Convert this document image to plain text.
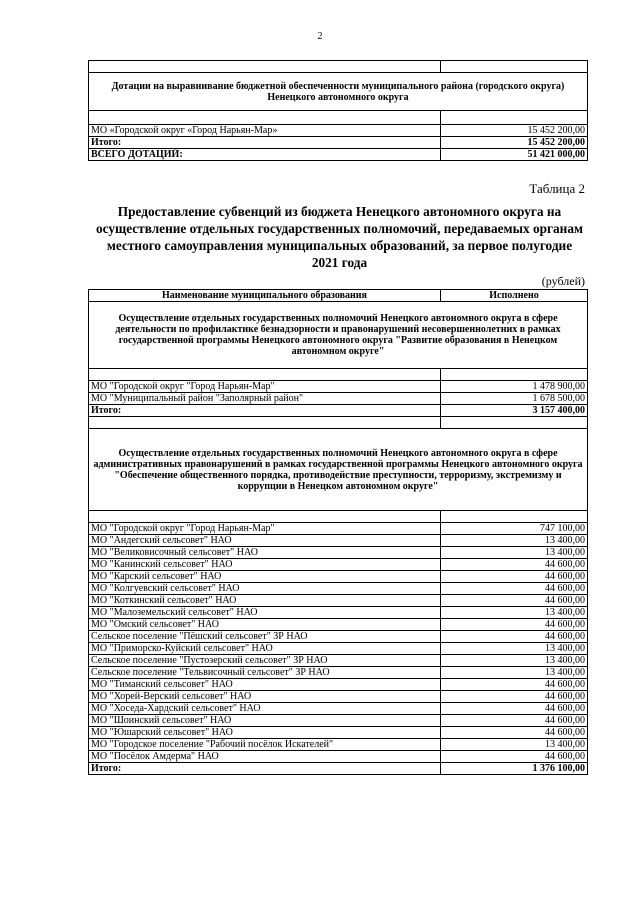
2

Дотации на выравнивание бюджетной обеспеченности муниципального района (городского округа) Ненецкого автономного округа	

МО «Городской округ «Город Нарьян-Мар»	15 452 200,00
Итого:	15 452 200,00
ВСЕГО ДОТАЦИЙ:	51 421 000,00
Таблица 2
Предоставление субвенций из бюджета Ненецкого автономного округа на осуществление отдельных государственных полномочий, передаваемых органам местного самоуправления муниципальных образований, за первое полугодие 2021 года
(рублей)
Наименование муниципального образования	Исполнено
Осуществление отдельных государственных полномочий Ненецкого автономного округа в сфере деятельности по профилактике безнадзорности и правонарушений несовершеннолетних в рамках государственной программы Ненецкого автономного округа "Развитие образования в Ненецком автономном округе"	

МО "Городской округ "Город Нарьян-Мар"	1 478 900,00
МО "Муниципальный район "Заполярный район"	1 678 500,00
Итого:	3 157 400,00

Осуществление отдельных государственных полномочий Ненецкого автономного округа в сфере административных правонарушений в рамках государственной программы Ненецкого автономного округа "Обеспечение общественного порядка, противодействие преступности, терроризму, экстремизму и коррупции в Ненецком автономном округе"	

МО "Городской округ "Город Нарьян-Мар"	747 100,00
МО "Андегский сельсовет" НАО	13 400,00
МО "Великовисочный сельсовет" НАО	13 400,00
МО "Канинский сельсовет" НАО	44 600,00
МО "Карский сельсовет" НАО	44 600,00
МО "Колгуевский сельсовет" НАО	44 600,00
МО "Коткинский сельсовет" НАО	44 600,00
МО "Малоземельский сельсовет" НАО	13 400,00
МО "Омский сельсовет" НАО	44 600,00
Сельское поселение "Пёшский сельсовет" ЗР НАО	44 600,00
МО "Приморско-Куйский сельсовет" НАО	13 400,00
Сельское поселение "Пустозерский сельсовет" ЗР НАО	13 400,00
Сельское поселение "Тельвисочный сельсовет" ЗР НАО	13 400,00
МО "Тиманский сельсовет" НАО	44 600,00
МО "Хорей-Верский сельсовет" НАО	44 600,00
МО "Хоседа-Хардский сельсовет" НАО	44 600,00
МО "Шоинский сельсовет" НАО	44 600,00
МО "Юшарский сельсовет" НАО	44 600,00
МО "Городское поселение "Рабочий посёлок Искателей"	13 400,00
МО "Посёлок Амдерма" НАО	44 600,00
Итого:	1 376 100,00
